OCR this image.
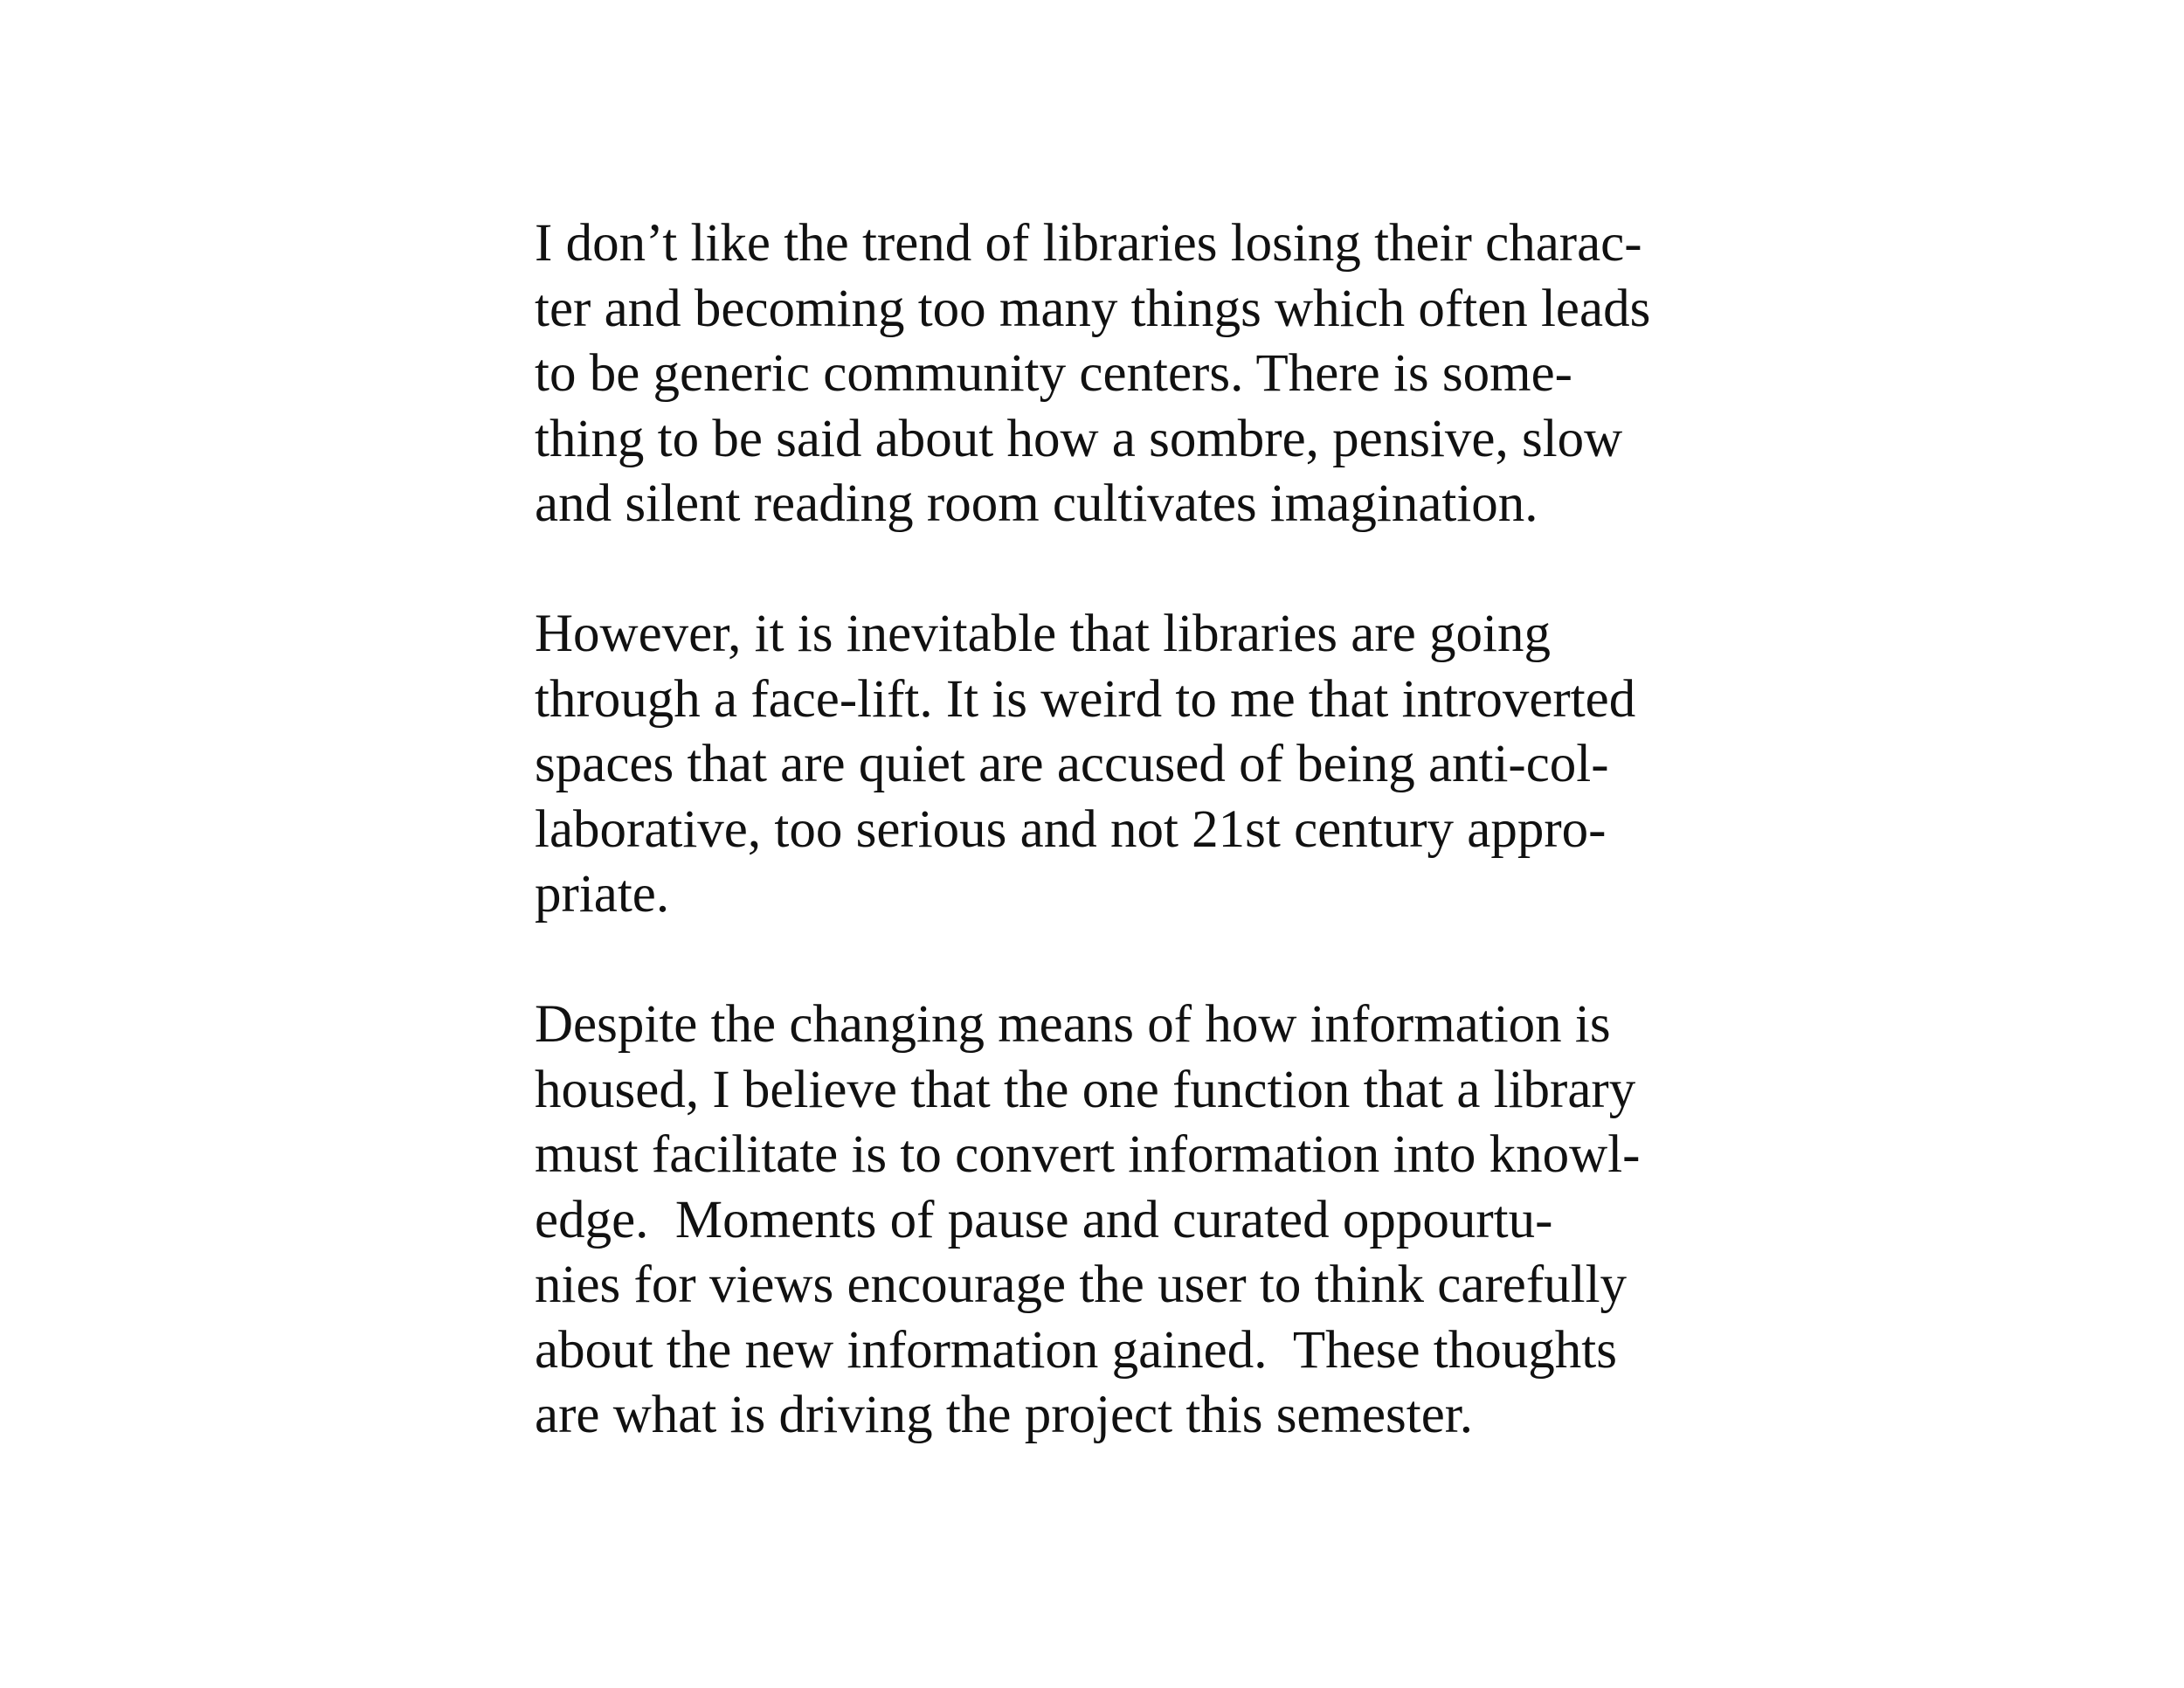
I don’t like the trend of libraries losing their charac-
ter and becoming too many things which often leads
to be generic community centers. There is some-
thing to be said about how a sombre, pensive, slow
and silent reading room cultivates imagination.

However, it is inevitable that libraries are going
through a face-lift. It is weird to me that introverted
spaces that are quiet are accused of being anti-col-
laborative, too serious and not 21st century appro-
priate.

Despite the changing means of how information is
housed, I believe that the one function that a library
must facilitate is to convert information into knowl-
edge.  Moments of pause and curated oppourtu-
nies for views encourage the user to think carefully
about the new information gained.  These thoughts
are what is driving the project this semester.
